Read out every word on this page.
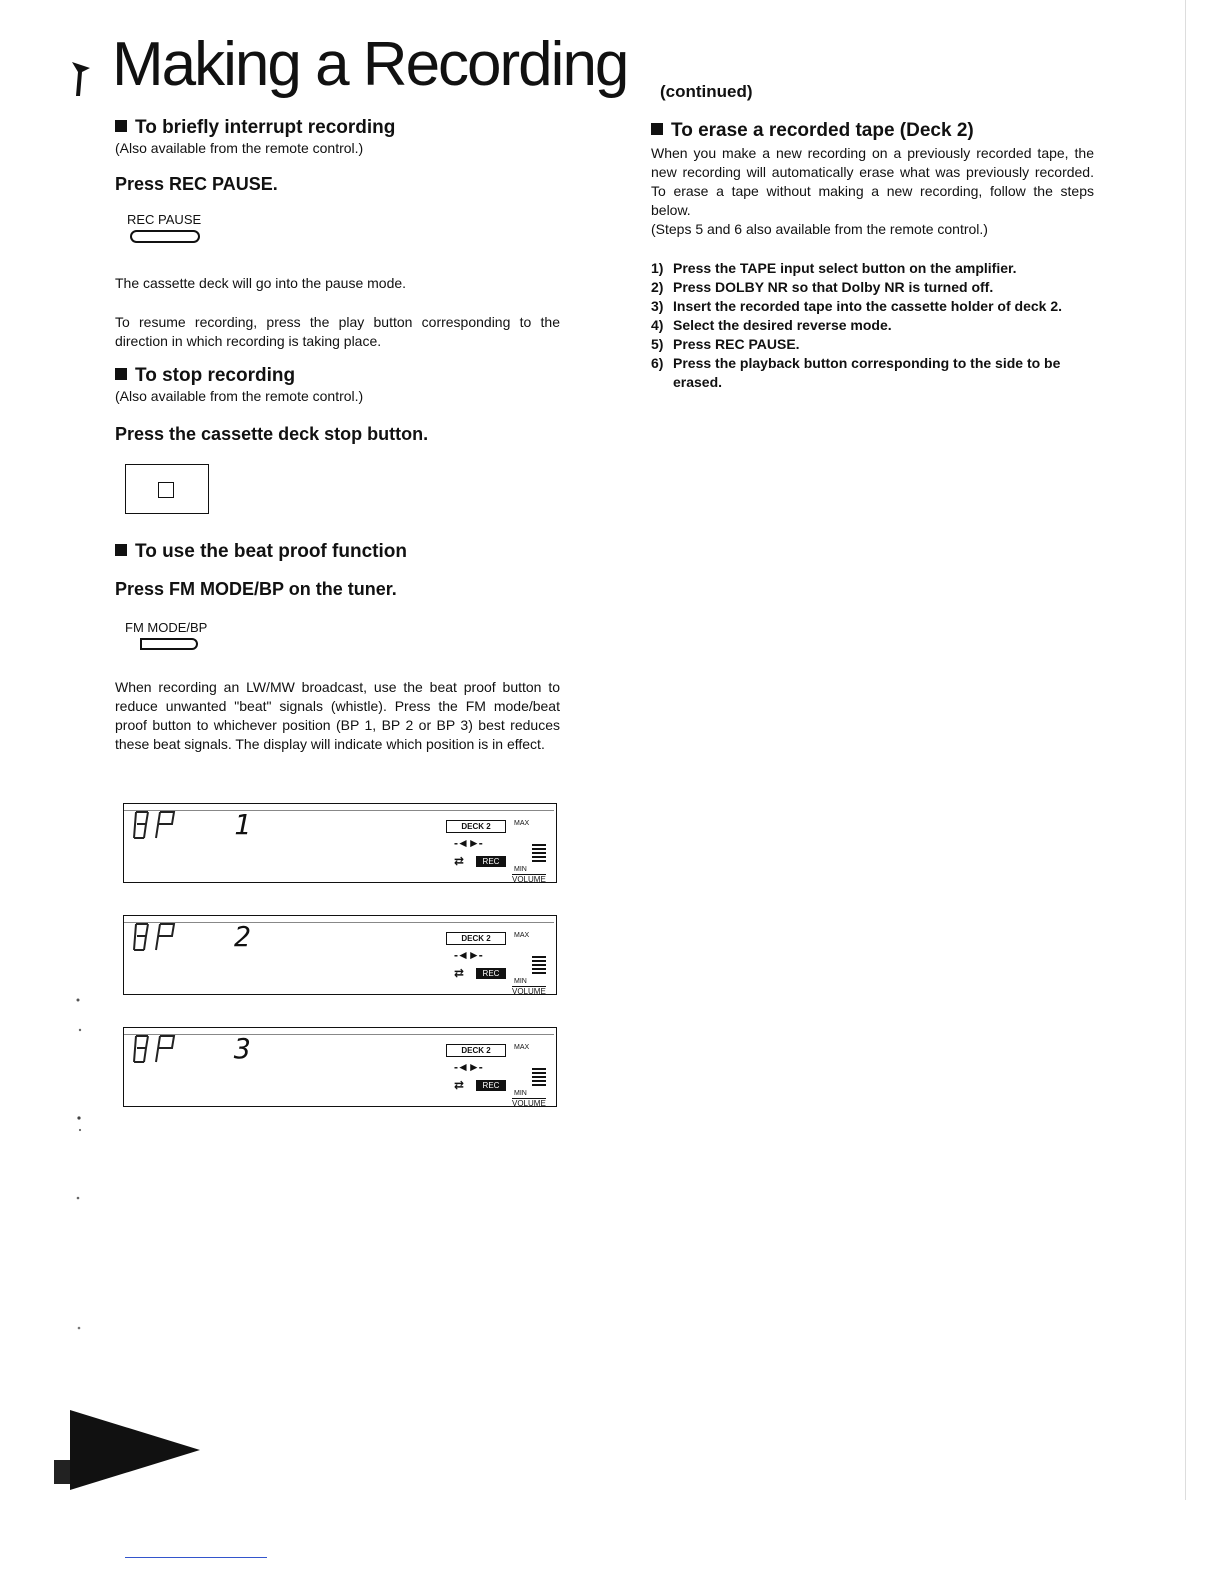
Making a Recording (continued)
To briefly interrupt recording
(Also available from the remote control.)
Press REC PAUSE.
REC PAUSE
The cassette deck will go into the pause mode.
To resume recording, press the play button corresponding to the direction in which recording is taking place.
To stop recording
(Also available from the remote control.)
Press the cassette deck stop button.
To use the beat proof function
Press FM MODE/BP on the tuner.
FM MODE/BP
When recording an LW/MW broadcast, use the beat proof button to reduce unwanted "beat" signals (whistle). Press the FM mode/beat proof button to whichever position (BP 1, BP 2 or BP 3) best reduces these beat signals. The display will indicate which position is in effect.
1	DECK 2
-◄►-
⇄	REC
MAX
MIN
VOLUME
2	DECK 2
-◄►-
⇄	REC
MAX
MIN
VOLUME
3	DECK 2
-◄►-
⇄	REC
MAX
MIN
VOLUME
To erase a recorded tape (Deck 2)
When you make a new recording on a previously recorded tape, the new recording will automatically erase what was previously recorded. To erase a tape without making a new recording, follow the steps below.
(Steps 5 and 6 also available from the remote control.)
1) Press the TAPE input select button on the amplifier.
2) Press DOLBY NR so that Dolby NR is turned off.
3) Insert the recorded tape into the cassette holder of deck 2.
4) Select the desired reverse mode.
5) Press REC PAUSE.
6) Press the playback button corresponding to the side to be erased.
